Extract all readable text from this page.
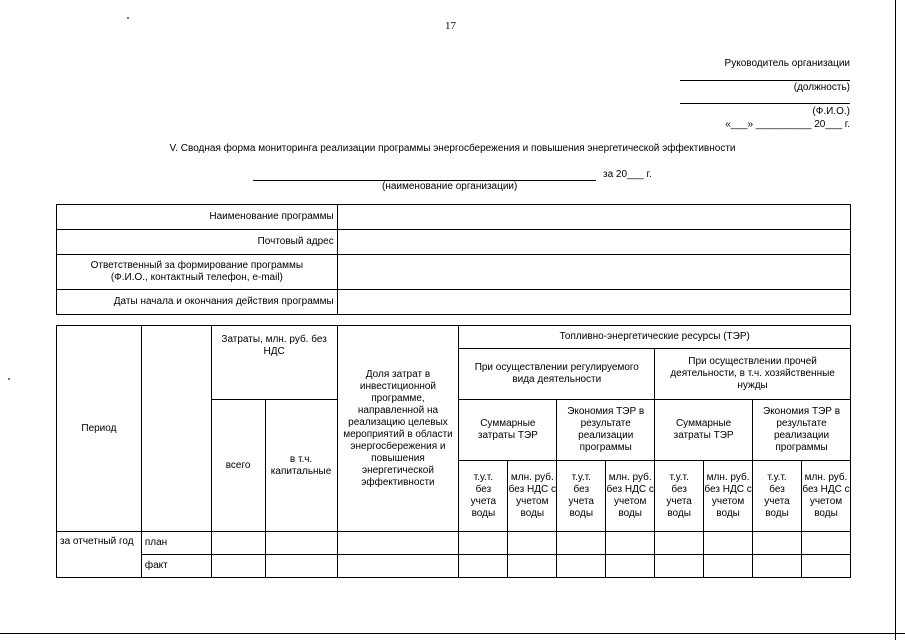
17
Руководитель организации
(должность)
(Ф.И.О.)
«___» __________ 20___ г.
V. Сводная форма мониторинга реализации программы энергосбережения и повышения энергетической эффективности
за 20___ г.
(наименование организации)
Наименование программы	
Почтовый адрес	
Ответственный за формирование программы (Ф.И.О., контактный телефон, e-mail)	
Даты начала и окончания действия программы	
Период		Затраты, млн. руб. без НДС		Доля затрат в инвестиционной программе, направленной на реализацию целевых мероприятий в области энергосбережения и повышения энергетической эффективности	Топливно-энергетические ресурсы (ТЭР)							
					При осуществлении регулируемого вида деятельности				При осуществлении прочей деятельности, в т.ч. хозяйственные нужды			
		всего	в т.ч. капитальные		Суммарные затраты ТЭР		Экономия ТЭР в результате реализации программы		Суммарные затраты ТЭР		Экономия ТЭР в результате реализации программы	
					т.у.т. без учета воды	млн. руб. без НДС с учетом воды	т.у.т. без учета воды	млн. руб. без НДС с учетом воды	т.у.т. без учета воды	млн. руб. без НДС с учетом воды	т.у.т. без учета воды	млн. руб. без НДС с учетом воды
за отчетный год	план											
	факт											
